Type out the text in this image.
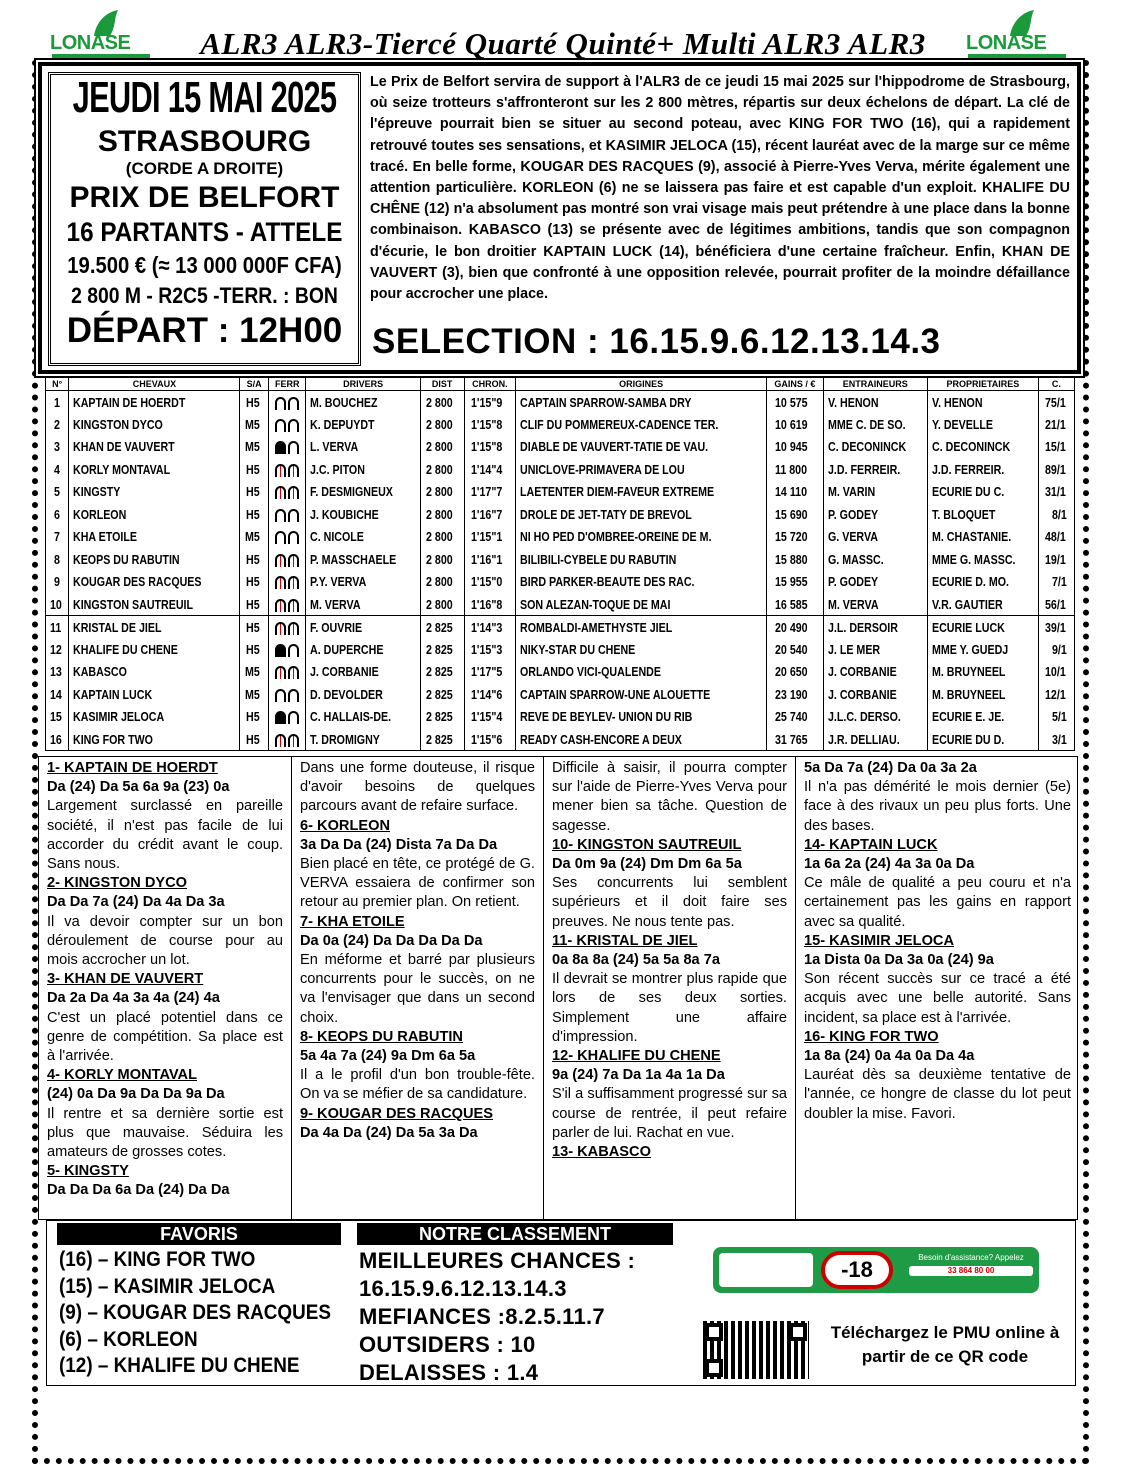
LONASE	ALR3 ALR3-Tiercé Quarté Quinté+ Multi ALR3 ALR3	LONASE
JEUDI 15 MAI 2025
STRASBOURG
(CORDE A DROITE)
PRIX DE BELFORT
16 PARTANTS - ATTELE
19.500 € (≈ 13 000 000F CFA)
2 800 M - R2C5 -TERR. : BON
DÉPART : 12H00
Le Prix de Belfort servira de support à l'ALR3 de ce jeudi 15 mai 2025 sur l'hippodrome de Strasbourg, où seize trotteurs s'affronteront sur les 2 800 mètres, répartis sur deux échelons de départ. La clé de l'épreuve pourrait bien se situer au second poteau, avec KING FOR TWO (16), qui a rapidement retrouvé toutes ses sensations, et KASIMIR JELOCA (15), récent lauréat avec de la marge sur ce même tracé. En belle forme, KOUGAR DES RACQUES (9), associé à Pierre-Yves Verva, mérite également une attention particulière. KORLEON (6) ne se laissera pas faire et est capable d'un exploit. KHALIFE DU CHÊNE (12) n'a absolument pas montré son vrai visage mais peut prétendre à une place dans la bonne combinaison. KABASCO (13) se présente avec de légitimes ambitions, tandis que son compagnon d'écurie, le bon droitier KAPTAIN LUCK (14), bénéficiera d'une certaine fraîcheur. Enfin, KHAN DE VAUVERT (3), bien que confronté à une opposition relevée, pourrait profiter de la moindre défaillance pour accrocher une place.
SELECTION : 16.15.9.6.12.13.14.3
N°	CHEVAUX	S/A	FERR	DRIVERS	DIST	CHRON.	ORIGINES	GAINS / €	ENTRAINEURS	PROPRIETAIRES	C.
1	KAPTAIN DE HOERDT	H5		M. BOUCHEZ	2 800	1'15"9	CAPTAIN SPARROW-SAMBA DRY	10 575	V. HENON	V. HENON	75/1
2	KINGSTON DYCO	M5		K. DEPUYDT	2 800	1'15"8	CLIF DU POMMEREUX-CADENCE TER.	10 619	MME C. DE SO.	Y. DEVELLE	21/1
3	KHAN DE VAUVERT	M5		L. VERVA	2 800	1'15"8	DIABLE DE VAUVERT-TATIE DE VAU.	10 945	C. DECONINCK	C. DECONINCK	15/1
4	KORLY MONTAVAL	H5		J.C. PITON	2 800	1'14"4	UNICLOVE-PRIMAVERA DE LOU	11 800	J.D. FERREIR.	J.D. FERREIR.	89/1
5	KINGSTY	H5		F. DESMIGNEUX	2 800	1'17"7	LAETENTER DIEM-FAVEUR EXTREME	14 110	M. VARIN	ECURIE DU C.	31/1
6	KORLEON	H5		J. KOUBICHE	2 800	1'16"7	DROLE DE JET-TATY DE BREVOL	15 690	P. GODEY	T. BLOQUET	8/1
7	KHA ETOILE	M5		C. NICOLE	2 800	1'15"1	NI HO PED D'OMBREE-OREINE DE M.	15 720	G. VERVA	M. CHASTANIE.	48/1
8	KEOPS DU RABUTIN	H5		P. MASSCHAELE	2 800	1'16"1	BILIBILI-CYBELE DU RABUTIN	15 880	G. MASSC.	MME G. MASSC.	19/1
9	KOUGAR DES RACQUES	H5		P.Y. VERVA	2 800	1'15"0	BIRD PARKER-BEAUTE DES RAC.	15 955	P. GODEY	ECURIE D. MO.	7/1
10	KINGSTON SAUTREUIL	H5		M. VERVA	2 800	1'16"8	SON ALEZAN-TOQUE DE MAI	16 585	M. VERVA	V.R. GAUTIER	56/1
11	KRISTAL DE JIEL	H5		F. OUVRIE	2 825	1'14"3	ROMBALDI-AMETHYSTE JIEL	20 490	J.L. DERSOIR	ECURIE LUCK	39/1
12	KHALIFE DU CHENE	H5		A. DUPERCHE	2 825	1'15"3	NIKY-STAR DU CHENE	20 540	J. LE MER	MME Y. GUEDJ	9/1
13	KABASCO	M5		J. CORBANIE	2 825	1'17"5	ORLANDO VICI-QUALENDE	20 650	J. CORBANIE	M. BRUYNEEL	10/1
14	KAPTAIN LUCK	M5		D. DEVOLDER	2 825	1'14"6	CAPTAIN SPARROW-UNE ALOUETTE	23 190	J. CORBANIE	M. BRUYNEEL	12/1
15	KASIMIR JELOCA	H5		C. HALLAIS-DE.	2 825	1'15"4	REVE DE BEYLEV- UNION DU RIB	25 740	J.L.C. DERSO.	ECURIE E. JE.	5/1
16	KING FOR TWO	H5		T. DROMIGNY	2 825	1'15"6	READY CASH-ENCORE A DEUX	31 765	J.R. DELLIAU.	ECURIE DU D.	3/1
1- KAPTAIN DE HOERDT
Da (24) Da 5a 6a 9a (23) 0a
Largement surclassé en pareille société, il n'est pas facile de lui accorder du crédit avant le coup. Sans nous.
2- KINGSTON DYCO
Da Da 7a (24) Da 4a Da 3a
Il va devoir compter sur un bon déroulement de course pour au mois accrocher un lot.
3- KHAN DE VAUVERT
Da 2a Da 4a 3a 4a (24) 4a
C'est un placé potentiel dans ce genre de compétition. Sa place est à l'arrivée.
4- KORLY MONTAVAL
(24) 0a Da 9a Da Da 9a Da
Il rentre et sa dernière sortie est plus que mauvaise. Séduira les amateurs de grosses cotes.
5- KINGSTY
Da Da Da 6a Da (24) Da Da
Dans une forme douteuse, il risque d'avoir besoins de quelques parcours avant de refaire surface.
6- KORLEON
3a Da Da (24) Dista 7a Da Da
Bien placé en tête, ce protégé de G. VERVA essaiera de confirmer son retour au premier plan. On retient.
7- KHA ETOILE
Da 0a (24) Da Da Da Da Da
En méforme et barré par plusieurs concurrents pour le succès, on ne va l'envisager que dans un second choix.
8- KEOPS DU RABUTIN
5a 4a 7a (24) 9a Dm 6a 5a
Il a le profil d'un bon trouble-fête. On va se méfier de sa candidature.
9- KOUGAR DES RACQUES
Da 4a Da (24) Da 5a 3a Da
Difficile à saisir, il pourra compter sur l'aide de Pierre-Yves Verva pour mener bien sa tâche. Question de sagesse.
10- KINGSTON SAUTREUIL
Da 0m 9a (24) Dm Dm 6a 5a
Ses concurrents lui semblent supérieurs et il doit faire ses preuves. Ne nous tente pas.
11- KRISTAL DE JIEL
0a 8a 8a (24) 5a 5a 8a 7a
Il devrait se montrer plus rapide que lors de ses deux sorties. Simplement une affaire d'impression.
12- KHALIFE DU CHENE
9a (24) 7a Da 1a 4a 1a Da
S'il a suffisamment progressé sur sa course de rentrée, il peut refaire parler de lui. Rachat en vue.
13- KABASCO
5a Da 7a (24) Da 0a 3a 2a
Il n'a pas démérité le mois dernier (5e) face à des rivaux un peu plus forts. Une des bases.
14- KAPTAIN LUCK
1a 6a 2a (24) 4a 3a 0a Da
Ce mâle de qualité a peu couru et n'a certainement pas les gains en rapport avec sa qualité.
15- KASIMIR JELOCA
1a Dista 0a Da 3a 0a (24) 9a
Son récent succès sur ce tracé a été acquis avec une belle autorité. Sans incident, sa place est à l'arrivée.
16- KING FOR TWO
1a 8a (24) 0a 4a 0a Da 4a
Lauréat dès sa deuxième tentative de l'année, ce hongre de classe du lot peut doubler la mise. Favori.
FAVORIS
(16) – KING FOR TWO
(15) – KASIMIR JELOCA
(9) – KOUGAR DES RACQUES
(6) – KORLEON
(12) – KHALIFE DU CHENE
NOTRE CLASSEMENT
MEILLEURES CHANCES :
16.15.9.6.12.13.14.3
MEFIANCES :8.2.5.11.7
OUTSIDERS : 10
DELAISSES : 1.4
-18	Besoin d'assistance? Appelez
33 864 80 00
Téléchargez le PMU online à partir de ce QR code
